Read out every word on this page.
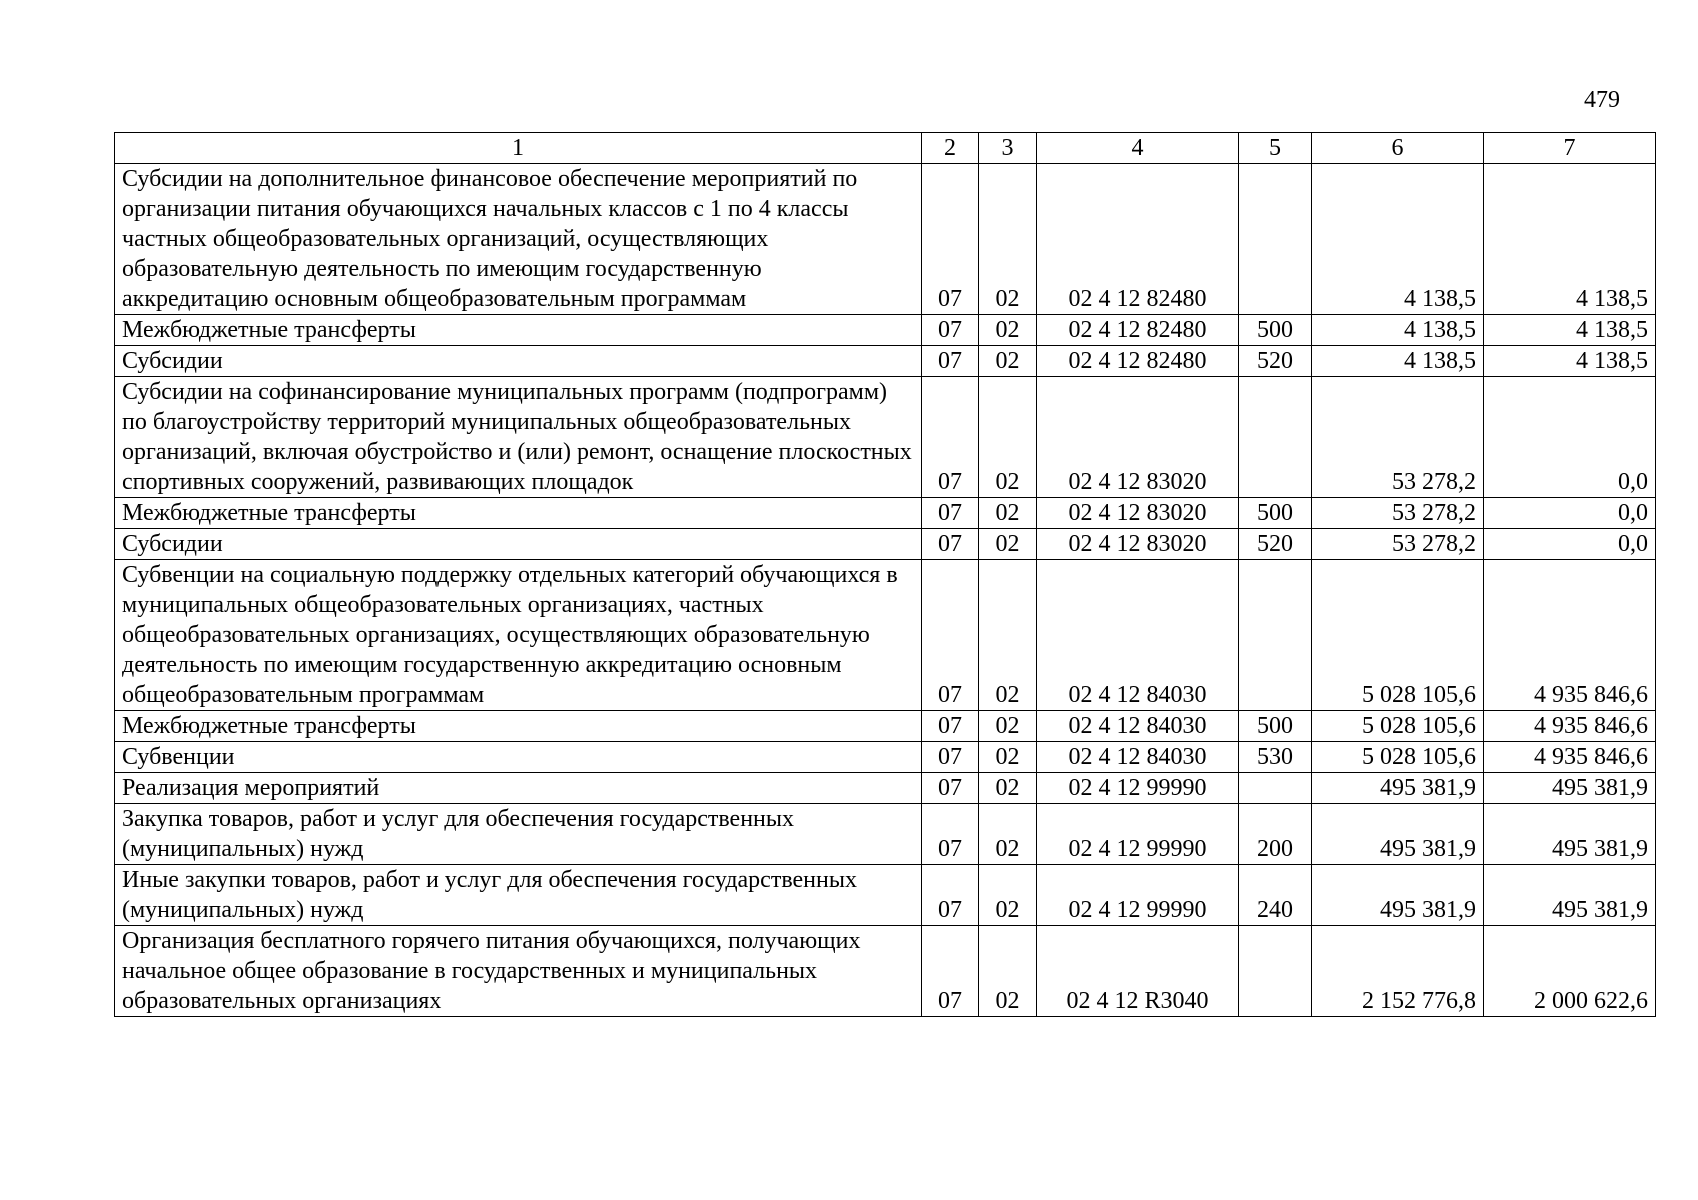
479
1	2	3	4	5	6	7
Субсидии на дополнительное финансовое обеспечение мероприятий по организации питания обучающихся начальных классов с 1 по 4 классы частных общеобразовательных организаций, осуществляющих образовательную деятельность по имеющим государственную аккредитацию основным общеобразовательным программам	07	02	02 4 12 82480		4 138,5	4 138,5
Межбюджетные трансферты	07	02	02 4 12 82480	500	4 138,5	4 138,5
Субсидии	07	02	02 4 12 82480	520	4 138,5	4 138,5
Субсидии на софинансирование муниципальных программ (подпрограмм) по благоустройству территорий муниципальных общеобразовательных организаций, включая обустройство и (или) ремонт, оснащение плоскостных спортивных сооружений, развивающих площадок	07	02	02 4 12 83020		53 278,2	0,0
Межбюджетные трансферты	07	02	02 4 12 83020	500	53 278,2	0,0
Субсидии	07	02	02 4 12 83020	520	53 278,2	0,0
Субвенции на социальную поддержку отдельных категорий обучающихся в муниципальных общеобразовательных организациях, частных общеобразовательных организациях, осуществляющих образовательную деятельность по имеющим государственную аккредитацию основным общеобразовательным программам	07	02	02 4 12 84030		5 028 105,6	4 935 846,6
Межбюджетные трансферты	07	02	02 4 12 84030	500	5 028 105,6	4 935 846,6
Субвенции	07	02	02 4 12 84030	530	5 028 105,6	4 935 846,6
Реализация мероприятий	07	02	02 4 12 99990		495 381,9	495 381,9
Закупка товаров, работ и услуг для обеспечения государственных (муниципальных) нужд	07	02	02 4 12 99990	200	495 381,9	495 381,9
Иные закупки товаров, работ и услуг для обеспечения государственных (муниципальных) нужд	07	02	02 4 12 99990	240	495 381,9	495 381,9
Организация бесплатного горячего питания обучающихся, получающих начальное общее образование в государственных и муниципальных образовательных организациях	07	02	02 4 12 R3040		2 152 776,8	2 000 622,6
